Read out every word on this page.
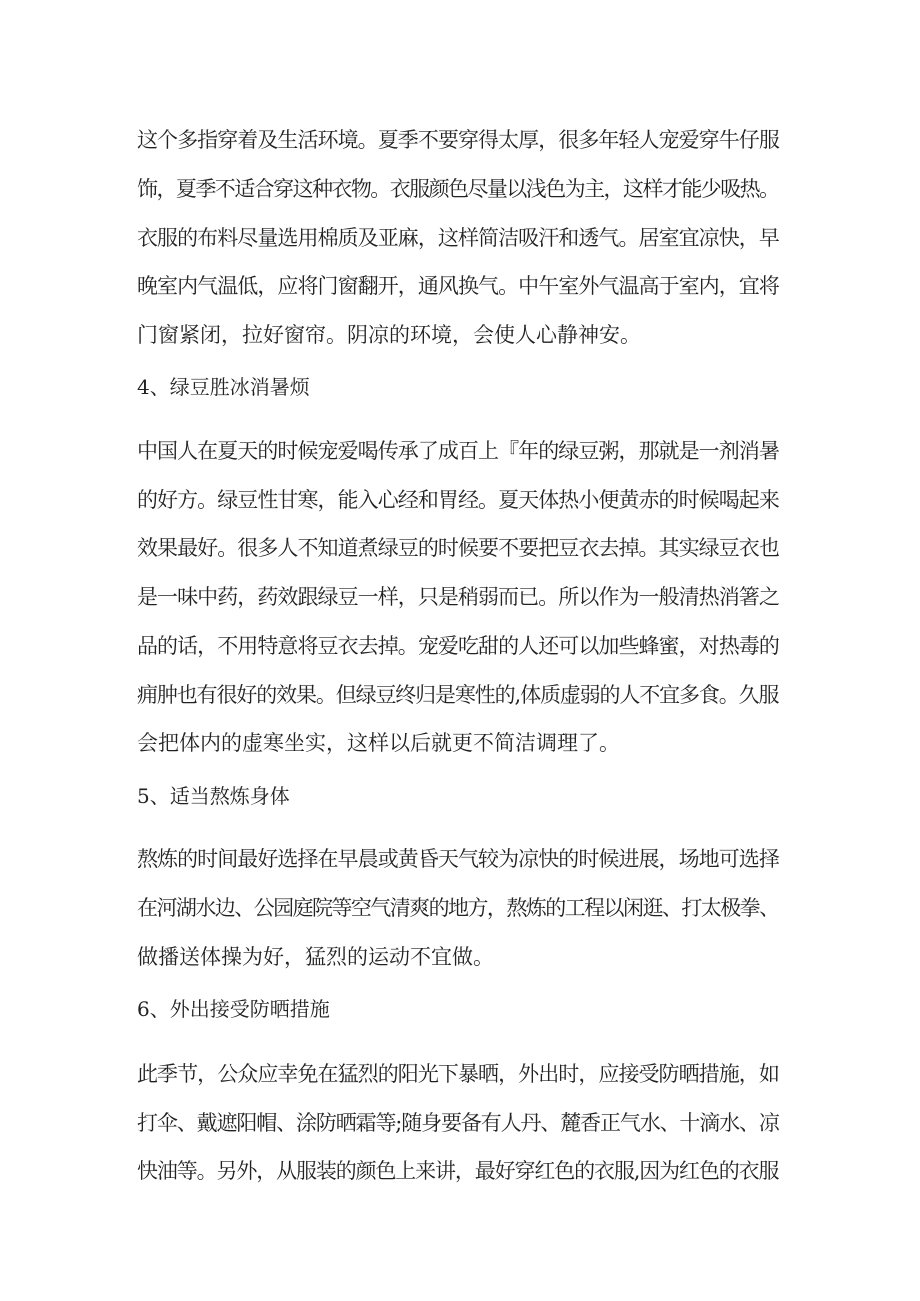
这个多指穿着及生活环境。夏季不要穿得太厚，很多年轻人宠爱穿牛仔服
饰，夏季不适合穿这种衣物。衣服颜色尽量以浅色为主，这样才能少吸热。
衣服的布料尽量选用棉质及亚麻，这样简洁吸汗和透气。居室宜凉快，早
晚室内气温低，应将门窗翻开，通风换气。中午室外气温高于室内，宜将
门窗紧闭，拉好窗帘。阴凉的环境，会使人心静神安。
4、绿豆胜冰消暑烦
中国人在夏天的时候宠爱喝传承了成百上『年的绿豆粥，那就是一剂消暑
的好方。绿豆性甘寒，能入心经和胃经。夏天体热小便黄赤的时候喝起来
效果最好。很多人不知道煮绿豆的时候要不要把豆衣去掉。其实绿豆衣也
是一味中药，药效跟绿豆一样，只是稍弱而已。所以作为一般清热消箸之
品的话，不用特意将豆衣去掉。宠爱吃甜的人还可以加些蜂蜜，对热毒的
痈肿也有很好的效果。但绿豆终归是寒性的,体质虚弱的人不宜多食。久服
会把体内的虚寒坐实，这样以后就更不简洁调理了。
5、适当熬炼身体
熬炼的时间最好选择在早晨或黄昏天气较为凉快的时候进展，场地可选择
在河湖水边、公园庭院等空气清爽的地方，熬炼的工程以闲逛、打太极拳、
做播送体操为好，猛烈的运动不宜做。
6、外出接受防晒措施
此季节，公众应幸免在猛烈的阳光下暴晒，外出时，应接受防晒措施，如
打伞、戴遮阳帽、涂防晒霜等;随身要备有人丹、麓香正气水、十滴水、凉
快油等。另外，从服装的颜色上来讲，最好穿红色的衣服,因为红色的衣服
